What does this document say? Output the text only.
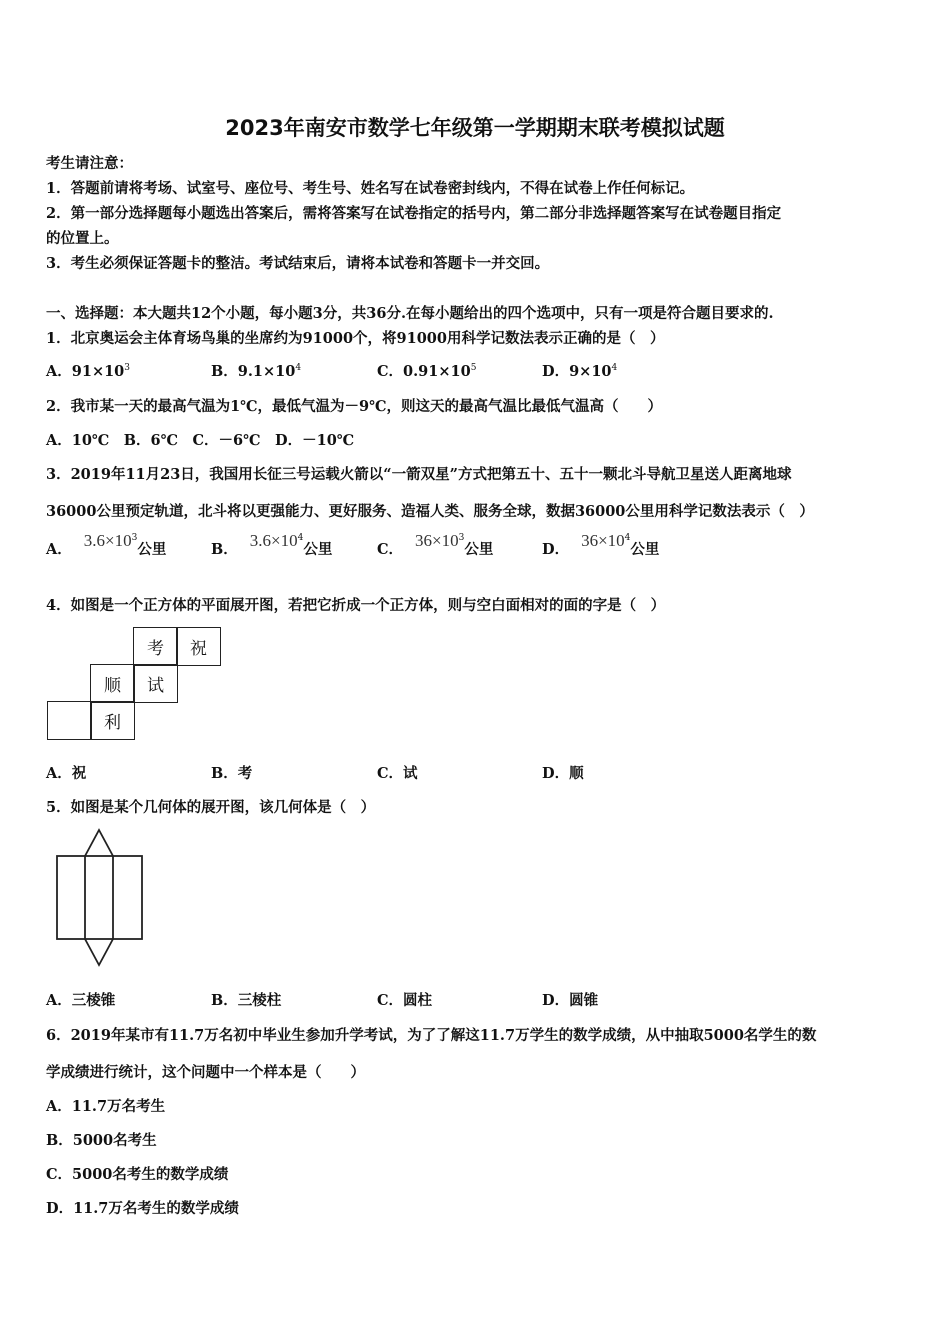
2023年南安市数学七年级第一学期期末联考模拟试题
考生请注意：
1．答题前请将考场、试室号、座位号、考生号、姓名写在试卷密封线内，不得在试卷上作任何标记。
2．第一部分选择题每小题选出答案后，需将答案写在试卷指定的括号内，第二部分非选择题答案写在试卷题目指定
的位置上。
3．考生必须保证答题卡的整洁。考试结束后，请将本试卷和答题卡一并交回。
一、选择题：本大题共12个小题，每小题3分，共36分.在每小题给出的四个选项中，只有一项是符合题目要求的.
1．北京奥运会主体育场鸟巢的坐席约为91000个，将91000用科学记数法表示正确的是（　）
A．$91\times 10^3$	B．$9.1\times 10^4$	C．$0.91\times 10^5$	D．$9\times 10^4$
2．我市某一天的最高气温为1℃，最低气温为－9℃，则这天的最高气温比最低气温高（　　）
A．10℃　B．6℃　C．－6℃　D．－10℃
3．2019年11月23日，我国用长征三号运载火箭以“一箭双星”方式把第五十、五十一颗北斗导航卫星送人距离地球
36000公里预定轨道，北斗将以更强能力、更好服务、造福人类、服务全球，数据36000公里用科学记数法表示（　）
A． $3.6\times 10^3$公里	B． $3.6\times 10^4$公里	C． $36\times 10^3$公里	D． $36\times 10^4$公里
4．如图是一个正方体的平面展开图，若把它折成一个正方体，则与空白面相对的面的字是（　）
考	祝
顺	试
利
A．祝	B．考	C．试	D．顺
5．如图是某个几何体的展开图，该几何体是（　）
A．三棱锥	B．三棱柱	C．圆柱	D．圆锥
6．2019年某市有11.7万名初中毕业生参加升学考试，为了了解这11.7万学生的数学成绩，从中抽取5000名学生的数
学成绩进行统计，这个问题中一个样本是（　　）
A．11.7万名考生
B．5000名考生
C．5000名考生的数学成绩
D．11.7万名考生的数学成绩
